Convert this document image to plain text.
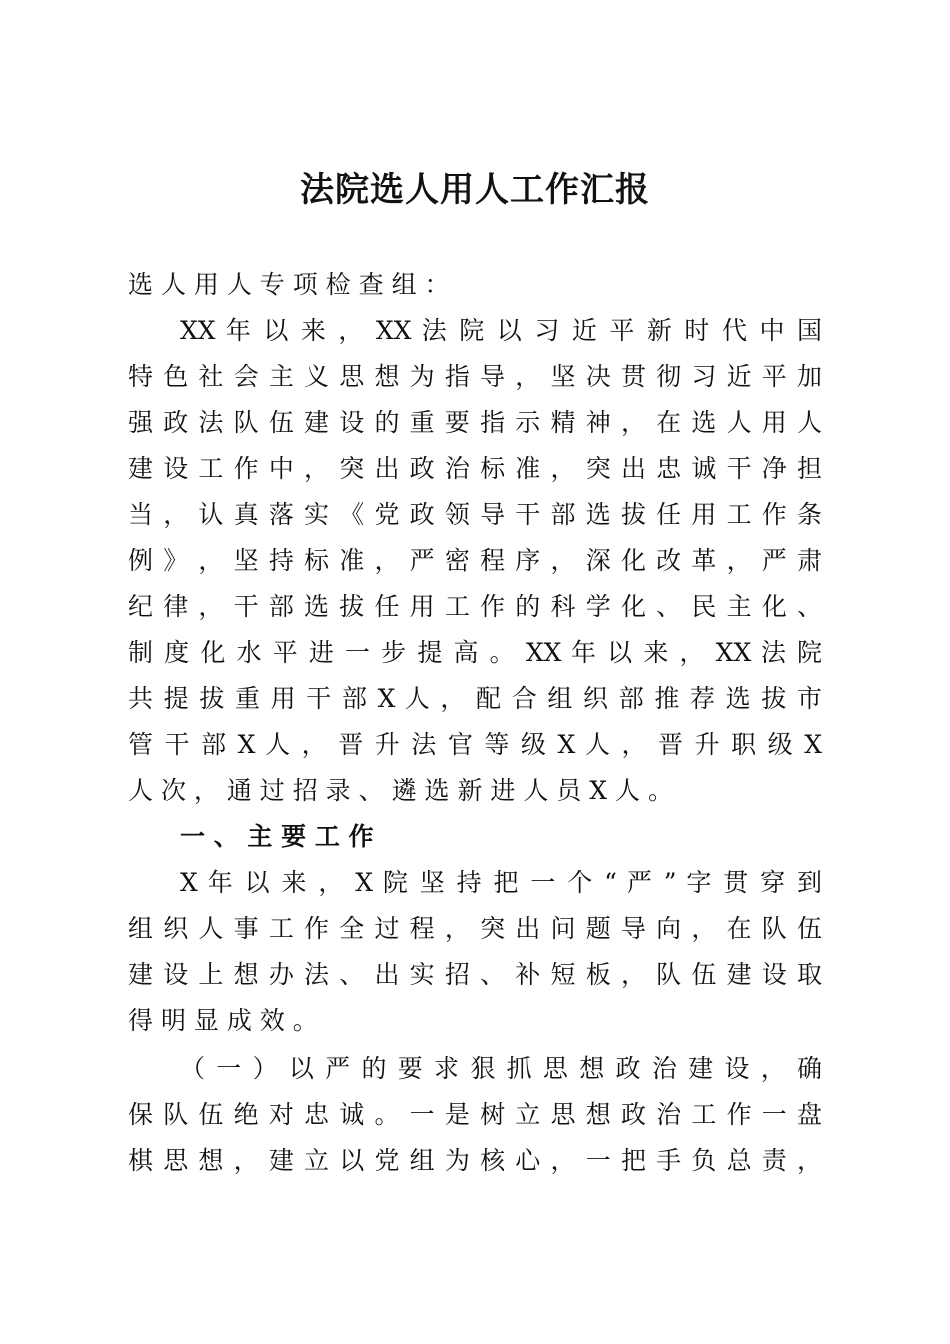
法院选人用人工作汇报
选 人 用 人 专 项 检 查 组 ：
XX 年 以 来 ， XX 法 院 以 习 近 平 新 时 代 中 国
特 色 社 会 主 义 思 想 为 指 导 ， 坚 决 贯 彻 习 近 平 加
强 政 法 队 伍 建 设 的 重 要 指 示 精 神 ， 在 选 人 用 人
建 设 工 作 中 ， 突 出 政 治 标 准 ， 突 出 忠 诚 干 净 担
当 ， 认 真 落 实 《 党 政 领 导 干 部 选 拔 任 用 工 作 条
例 》 ， 坚 持 标 准 ， 严 密 程 序 ， 深 化 改 革 ， 严 肃
纪 律 ， 干 部 选 拔 任 用 工 作 的 科 学 化 、 民 主 化 、
制 度 化 水 平 进 一 步 提 高 。 XX 年 以 来 ， XX 法 院
共 提 拔 重 用 干 部 X 人 ， 配 合 组 织 部 推 荐 选 拔 市
管 干 部 X 人 ， 晋 升 法 官 等 级 X 人 ， 晋 升 职 级 X
人 次 ， 通 过 招 录 、 遴 选 新 进 人 员 X 人 。
一 、 主 要 工 作
X 年 以 来 ， X 院 坚 持 把 一 个 “ 严 ” 字 贯 穿 到
组 织 人 事 工 作 全 过 程 ， 突 出 问 题 导 向 ， 在 队 伍
建 设 上 想 办 法 、 出 实 招 、 补 短 板 ， 队 伍 建 设 取
得 明 显 成 效 。
（ 一 ） 以 严 的 要 求 狠 抓 思 想 政 治 建 设 ， 确
保 队 伍 绝 对 忠 诚 。 一 是 树 立 思 想 政 治 工 作 一 盘
棋 思 想 ， 建 立 以 党 组 为 核 心 ， 一 把 手 负 总 责 ，
